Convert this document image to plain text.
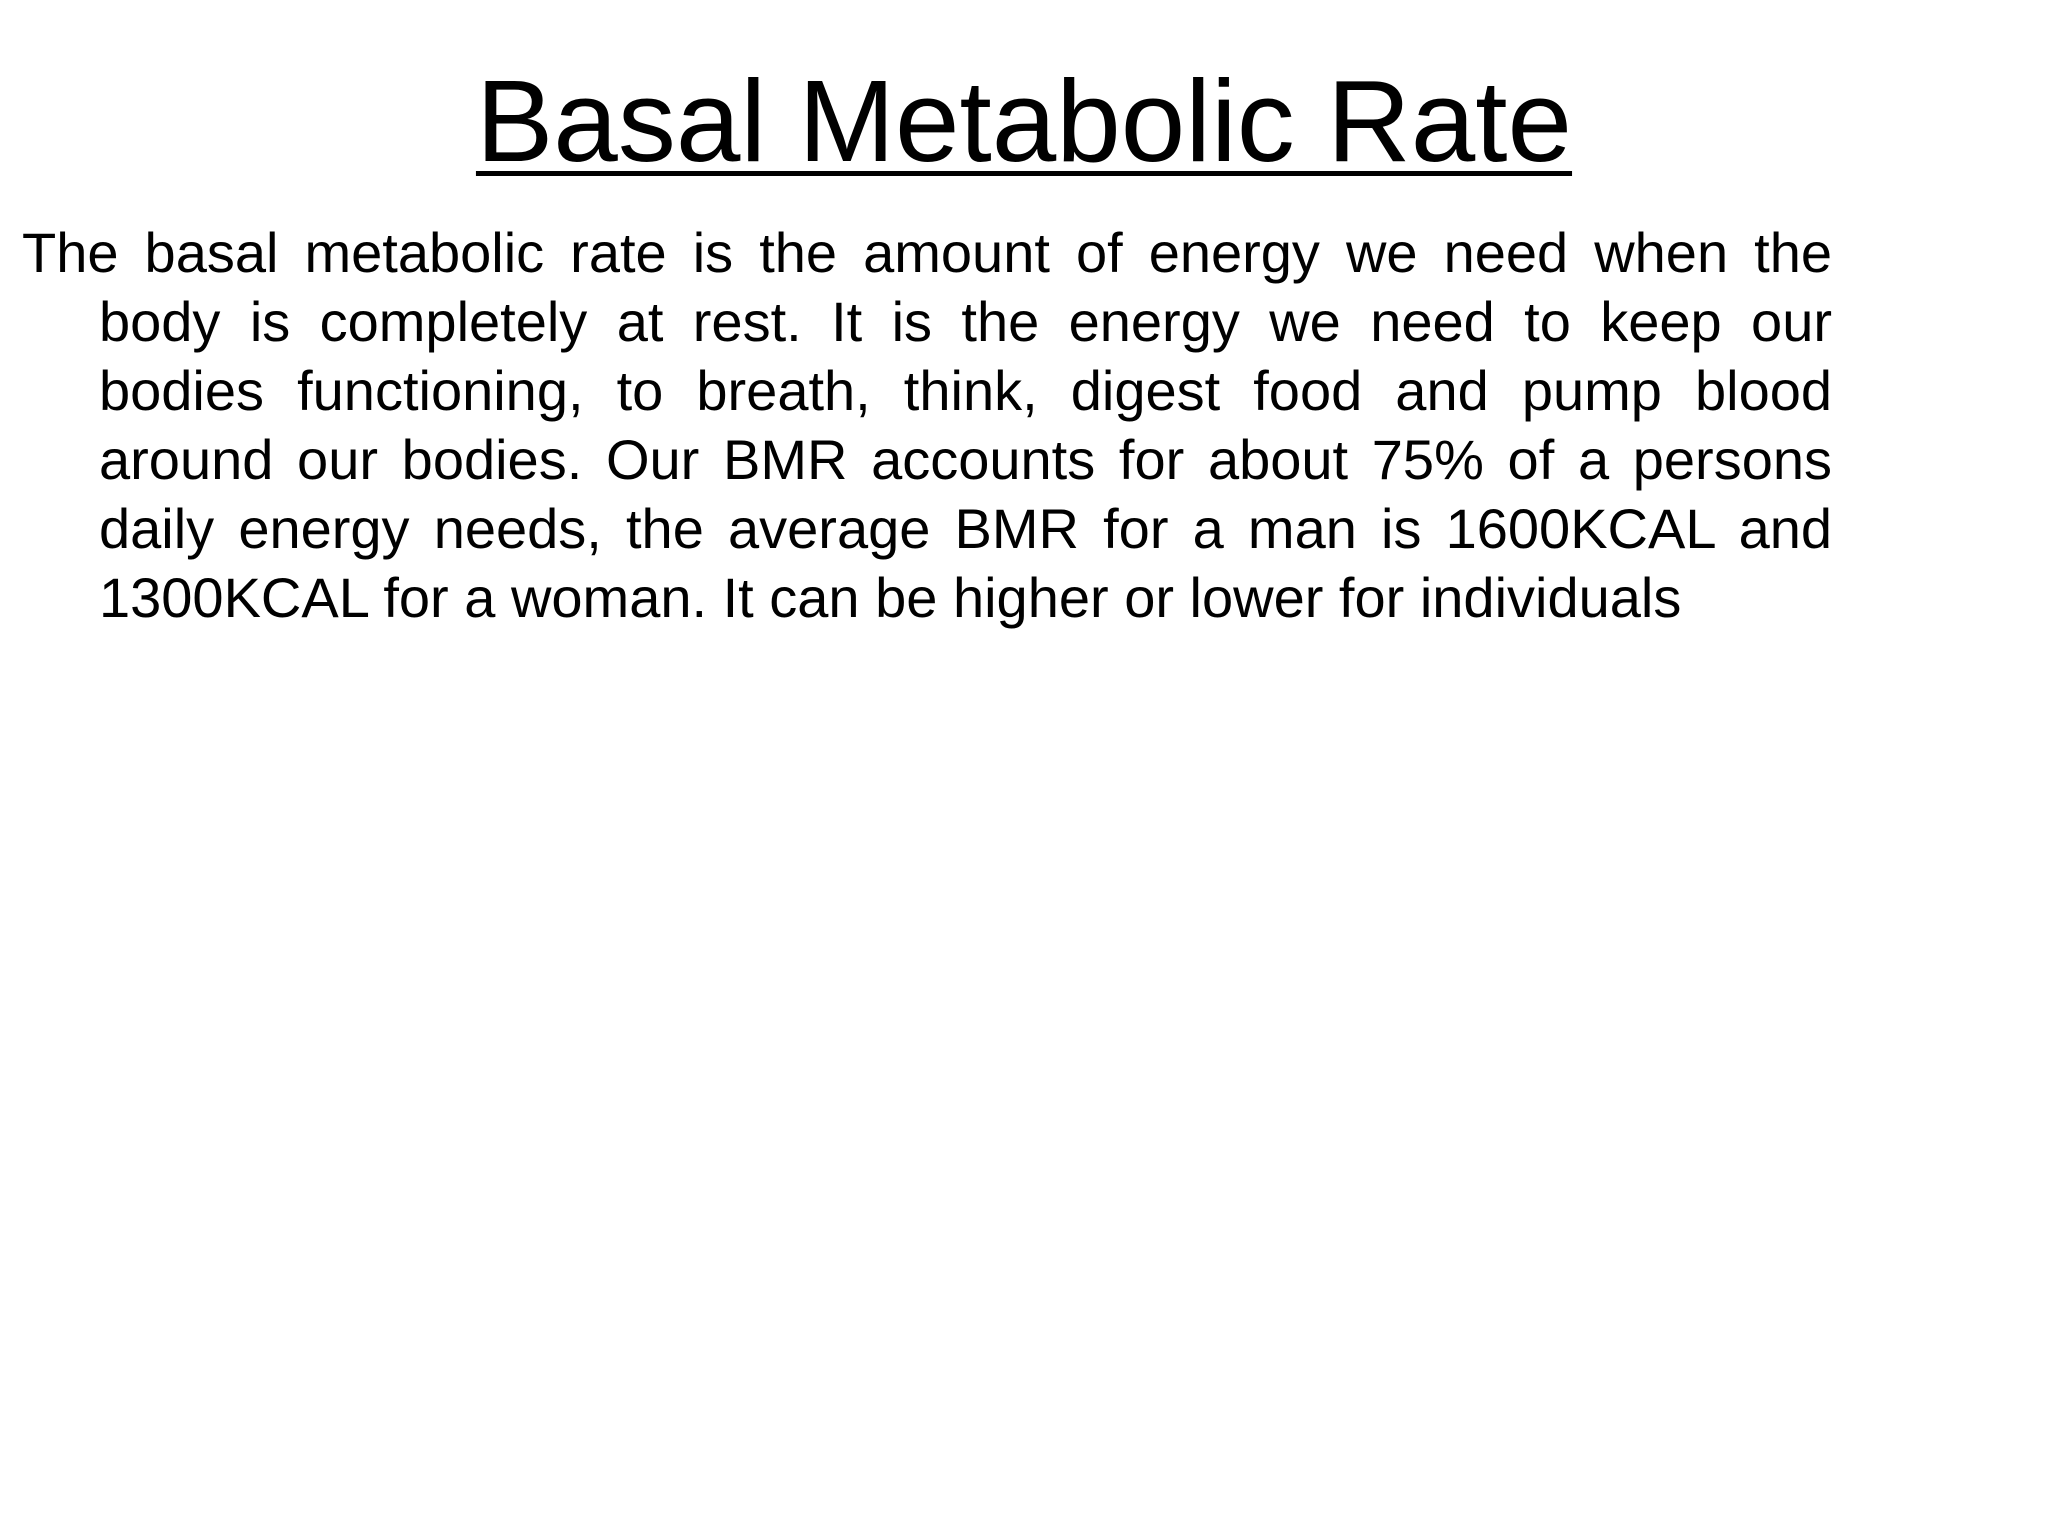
Basal Metabolic Rate

The basal metabolic rate is the amount of energy we need when the body is completely at rest. It is the energy we need to keep our bodies functioning, to breath, think, digest food and pump blood around our bodies. Our BMR accounts for about 75% of a persons daily energy needs, the average BMR for a man is 1600KCAL and 1300KCAL for a woman. It can be higher or lower for individuals
